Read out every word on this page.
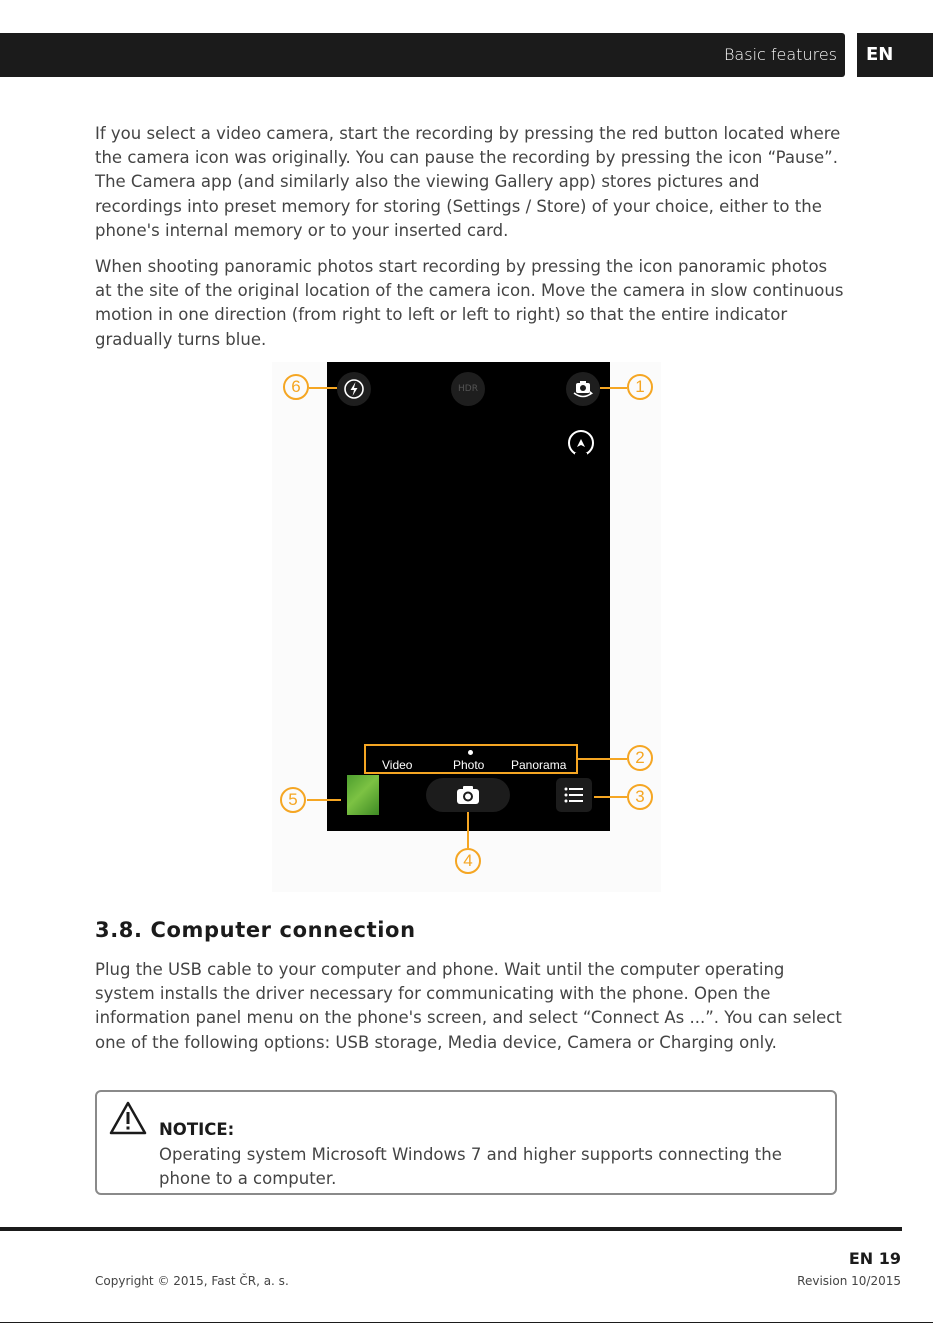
Basic features	EN

If you select a video camera, start the recording by pressing the red button located where the camera icon was originally. You can pause the recording by pressing the icon “Pause”. The Camera app (and similarly also the viewing Gallery app) stores pictures and recordings into preset memory for storing (Settings / Store) of your choice, either to the phone's internal memory or to your inserted card.

When shooting panoramic photos start recording by pressing the icon panoramic photos at the site of the original location of the camera icon. Move the camera in slow continuous motion in one direction (from right to left or left to right) so that the entire indicator gradually turns blue.

HDR
Video	Photo Panorama
6	1
2
3
4
5
3.8. Computer connection

Plug the USB cable to your computer and phone. Wait until the computer operating system installs the driver necessary for communicating with the phone. Open the information panel menu on the phone's screen, and select “Connect As ...”. You can select one of the following options: USB storage, Media device, Camera or Charging only.

NOTICE:

Operating system Microsoft Windows 7 and higher supports connecting the phone to a computer.

EN 19
Copyright © 2015, Fast ČR, a. s.	Revision 10/2015
